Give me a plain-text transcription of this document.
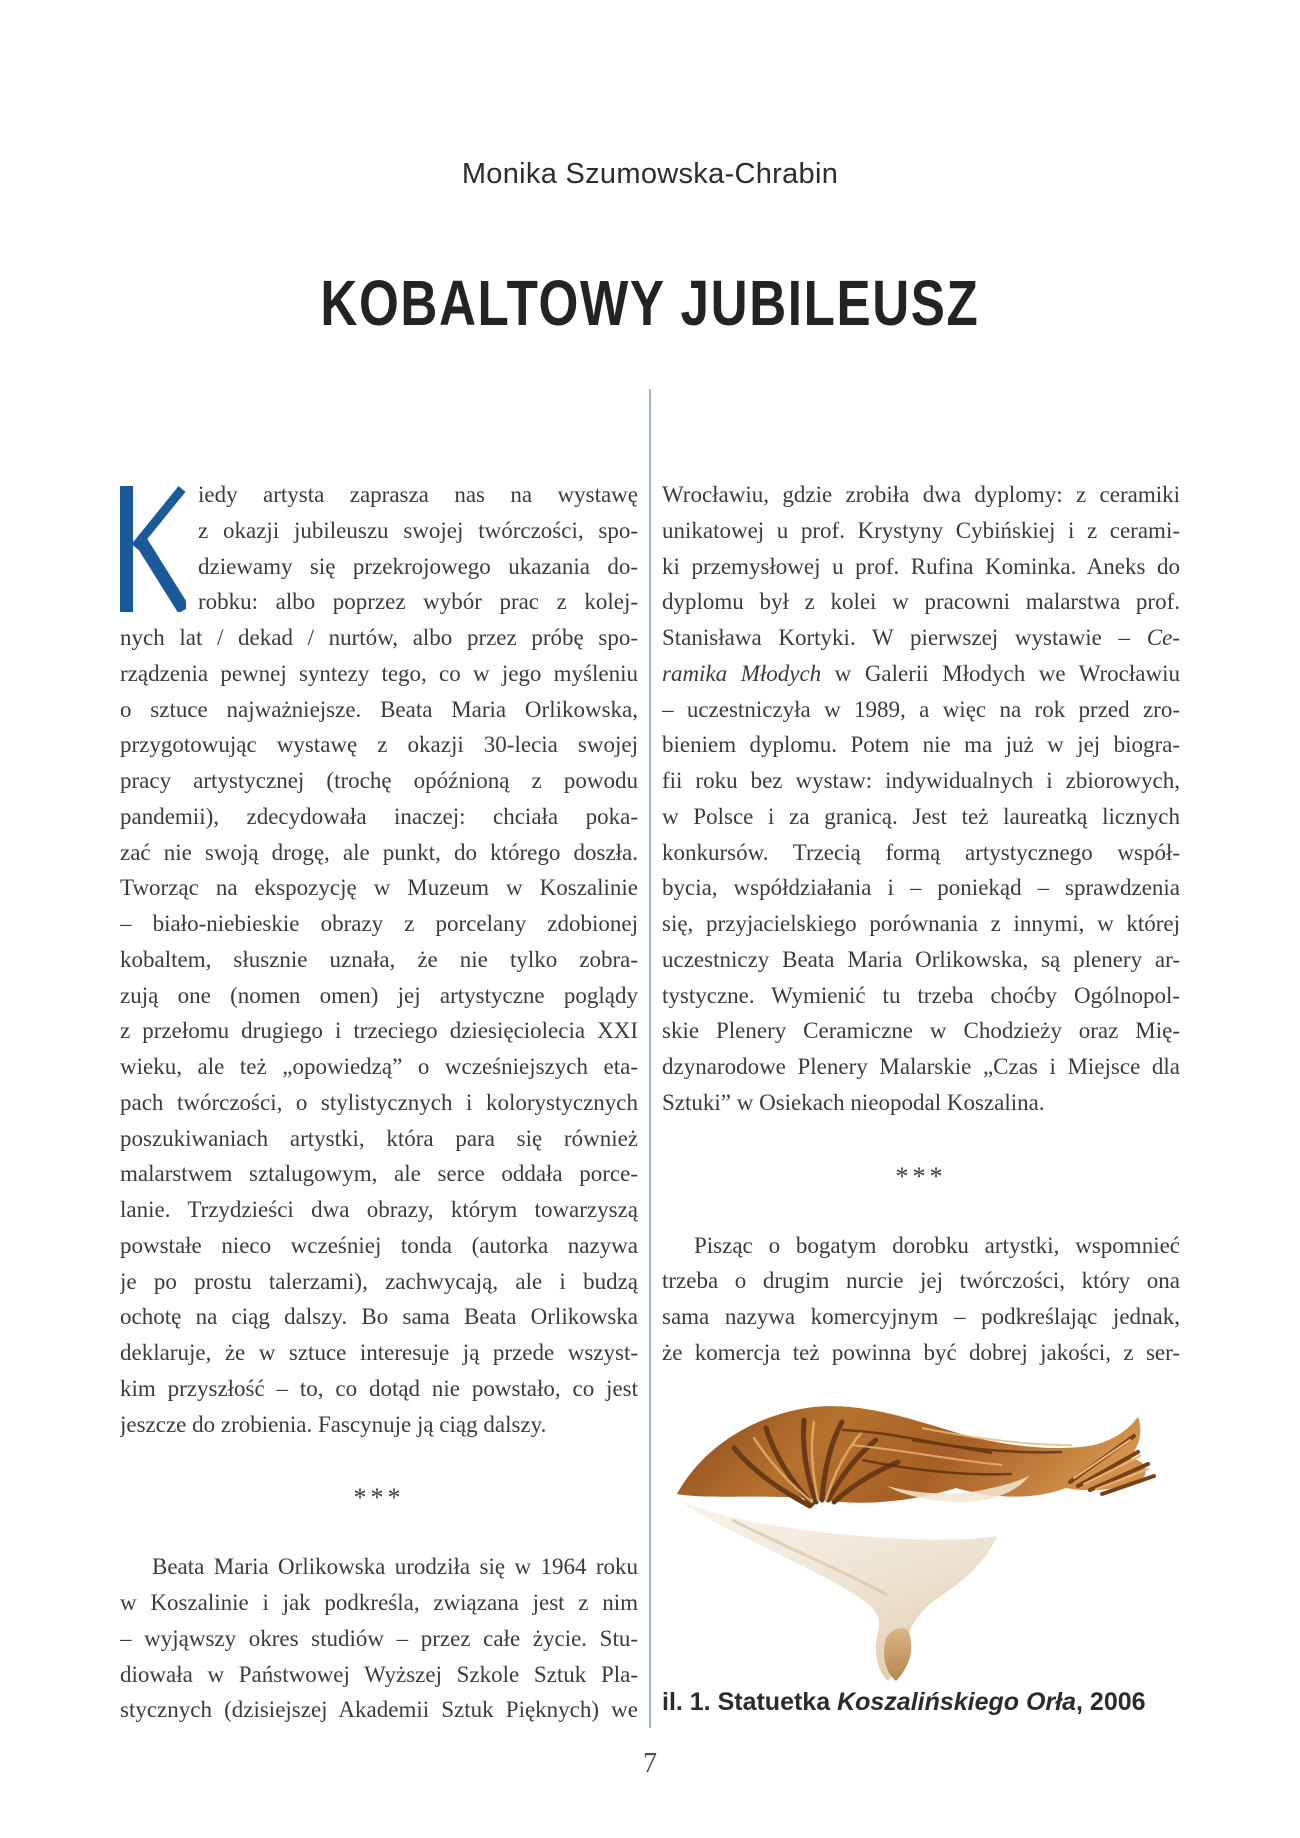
Monika Szumowska-Chrabin
KOBALTOWY JUBILEUSZ
iedy artysta zaprasza nas na wystawę
z okazji jubileuszu swojej twórczości, spo-
dziewamy się przekrojowego ukazania do-
robku: albo poprzez wybór prac z kolej-
nych lat / dekad / nurtów, albo przez próbę spo-
rządzenia pewnej syntezy tego, co w jego myśleniu
o sztuce najważniejsze. Beata Maria Orlikowska,
przygotowując wystawę z okazji 30-lecia swojej
pracy artystycznej (trochę opóźnioną z powodu
pandemii), zdecydowała inaczej: chciała poka-
zać nie swoją drogę, ale punkt, do którego doszła.
Tworząc na ekspozycję w Muzeum w Koszalinie
– biało-niebieskie obrazy z porcelany zdobionej
kobaltem, słusznie uznała, że nie tylko zobra-
zują one (nomen omen) jej artystyczne poglądy
z przełomu drugiego i trzeciego dziesięciolecia XXI
wieku, ale też „opowiedzą” o wcześniejszych eta-
pach twórczości, o stylistycznych i kolorystycznych
poszukiwaniach artystki, która para się również
malarstwem sztalugowym, ale serce oddała porce-
lanie. Trzydzieści dwa obrazy, którym towarzyszą
powstałe nieco wcześniej tonda (autorka nazywa
je po prostu talerzami), zachwycają, ale i budzą
ochotę na ciąg dalszy. Bo sama Beata Orlikowska
deklaruje, że w sztuce interesuje ją przede wszyst-
kim przyszłość – to, co dotąd nie powstało, co jest
jeszcze do zrobienia. Fascynuje ją ciąg dalszy.
***
Beata Maria Orlikowska urodziła się w 1964 roku
w Koszalinie i jak podkreśla, związana jest z nim
– wyjąwszy okres studiów – przez całe życie. Stu-
diowała w Państwowej Wyższej Szkole Sztuk Pla-
stycznych (dzisiejszej Akademii Sztuk Pięknych) we
Wrocławiu, gdzie zrobiła dwa dyplomy: z ceramiki
unikatowej u prof. Krystyny Cybińskiej i z cerami-
ki przemysłowej u prof. Rufina Kominka. Aneks do
dyplomu był z kolei w pracowni malarstwa prof.
Stanisława Kortyki. W pierwszej wystawie – Ce-
ramika Młodych w Galerii Młodych we Wrocławiu
– uczestniczyła w 1989, a więc na rok przed zro-
bieniem dyplomu. Potem nie ma już w jej biogra-
fii roku bez wystaw: indywidualnych i zbiorowych,
w Polsce i za granicą. Jest też laureatką licznych
konkursów. Trzecią formą artystycznego współ-
bycia, współdziałania i – poniekąd – sprawdzenia
się, przyjacielskiego porównania z innymi, w której
uczestniczy Beata Maria Orlikowska, są plenery ar-
tystyczne. Wymienić tu trzeba choćby Ogólnopol-
skie Plenery Ceramiczne w Chodzieży oraz Mię-
dzynarodowe Plenery Malarskie „Czas i Miejsce dla
Sztuki” w Osiekach nieopodal Koszalina.
***
Pisząc o bogatym dorobku artystki, wspomnieć
trzeba o drugim nurcie jej twórczości, który ona
sama nazywa komercyjnym – podkreślając jednak,
że komercja też powinna być dobrej jakości, z ser-
il. 1. Statuetka Koszalińskiego Orła, 2006
7
